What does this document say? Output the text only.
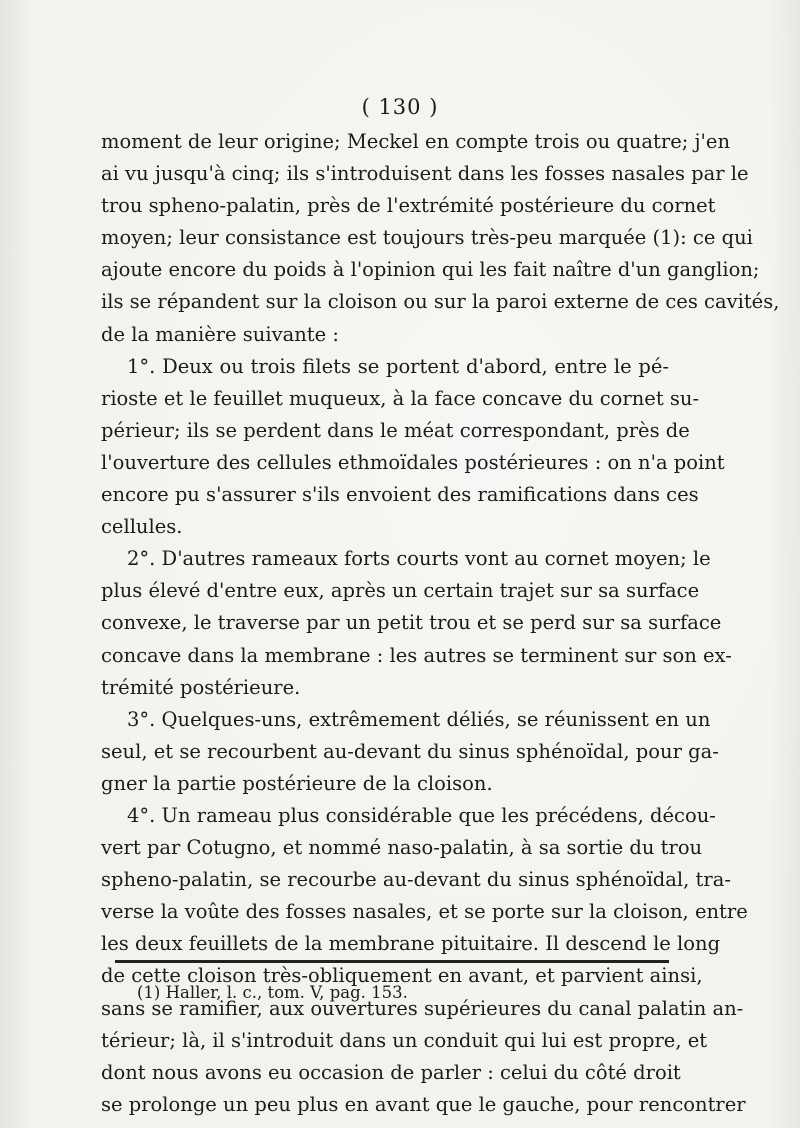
( 130 )
moment de leur origine; Meckel en compte trois ou quatre; j'en
ai vu jusqu'à cinq; ils s'introduisent dans les fosses nasales par le
trou spheno-palatin, près de l'extrémité postérieure du cornet
moyen; leur consistance est toujours très-peu marquée (1): ce qui
ajoute encore du poids à l'opinion qui les fait naître d'un ganglion;
ils se répandent sur la cloison ou sur la paroi externe de ces cavités,
de la manière suivante :
1°. Deux ou trois filets se portent d'abord, entre le pé-
rioste et le feuillet muqueux, à la face concave du cornet su-
périeur; ils se perdent dans le méat correspondant, près de
l'ouverture des cellules ethmoïdales postérieures : on n'a point
encore pu s'assurer s'ils envoient des ramifications dans ces
cellules.
2°. D'autres rameaux forts courts vont au cornet moyen; le
plus élevé d'entre eux, après un certain trajet sur sa surface
convexe, le traverse par un petit trou et se perd sur sa surface
concave dans la membrane : les autres se terminent sur son ex-
trémité postérieure.
3°. Quelques-uns, extrêmement déliés, se réunissent en un
seul, et se recourbent au-devant du sinus sphénoïdal, pour ga-
gner la partie postérieure de la cloison.
4°. Un rameau plus considérable que les précédens, décou-
vert par Cotugno, et nommé naso-palatin, à sa sortie du trou
spheno-palatin, se recourbe au-devant du sinus sphénoïdal, tra-
verse la voûte des fosses nasales, et se porte sur la cloison, entre
les deux feuillets de la membrane pituitaire. Il descend le long
de cette cloison très-obliquement en avant, et parvient ainsi,
sans se ramifier, aux ouvertures supérieures du canal palatin an-
térieur; là, il s'introduit dans un conduit qui lui est propre, et
dont nous avons eu occasion de parler : celui du côté droit
se prolonge un peu plus en avant que le gauche, pour rencontrer
(1) Haller, l. c., tom. V, pag. 153.
